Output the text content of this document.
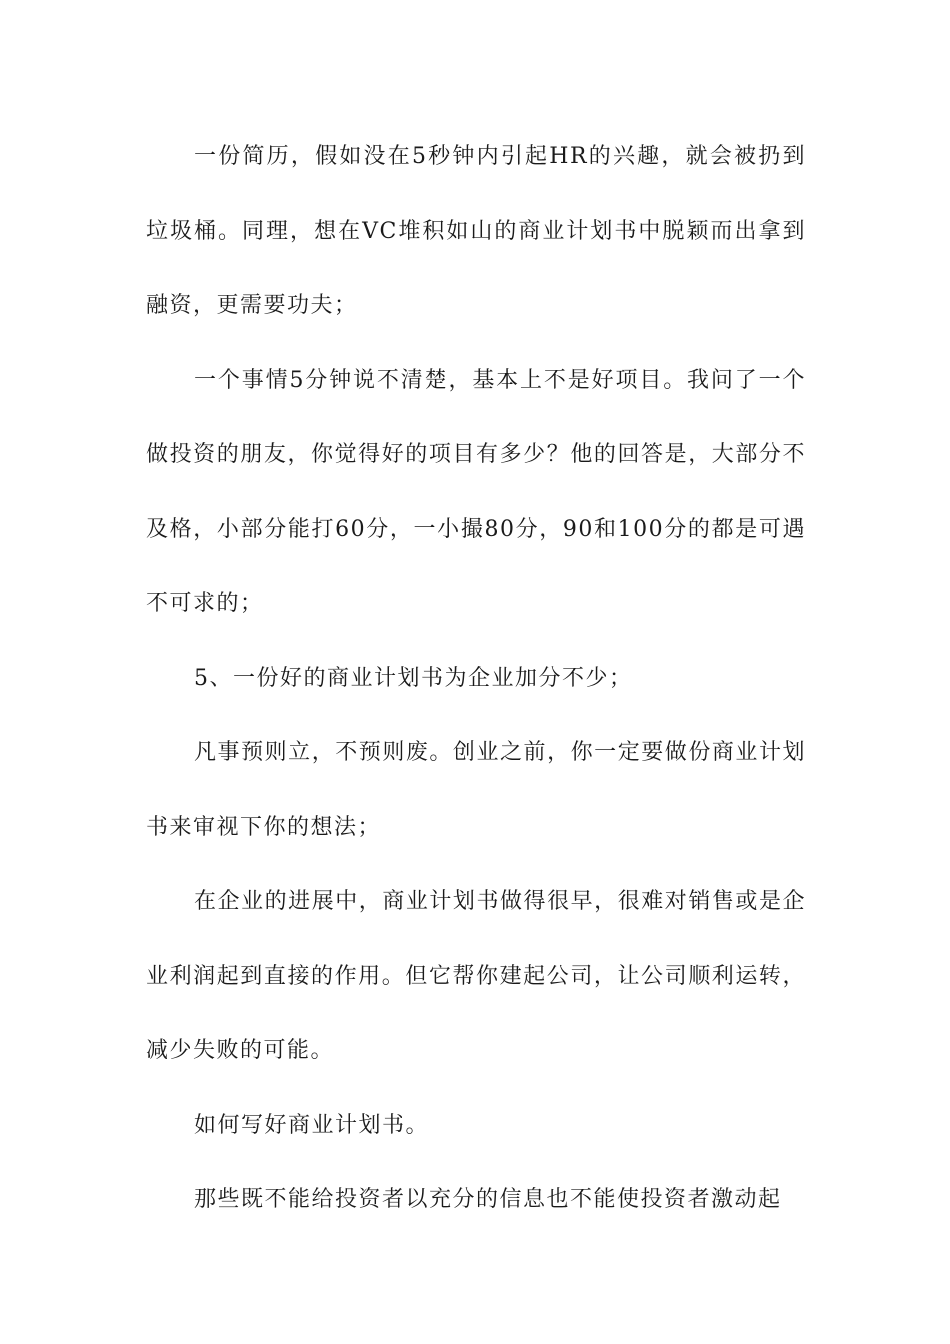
一份简历，假如没在5秒钟内引起HR的兴趣，就会被扔到垃圾桶。同理，想在VC堆积如山的商业计划书中脱颖而出拿到融资，更需要功夫；

一个事情5分钟说不清楚，基本上不是好项目。我问了一个做投资的朋友，你觉得好的项目有多少？他的回答是，大部分不及格，小部分能打60分，一小撮80分，90和100分的都是可遇不可求的；

5、一份好的商业计划书为企业加分不少；

凡事预则立，不预则废。创业之前，你一定要做份商业计划书来审视下你的想法；

在企业的进展中，商业计划书做得很早，很难对销售或是企业利润起到直接的作用。但它帮你建起公司，让公司顺利运转，减少失败的可能。

如何写好商业计划书。

那些既不能给投资者以充分的信息也不能使投资者激动起
